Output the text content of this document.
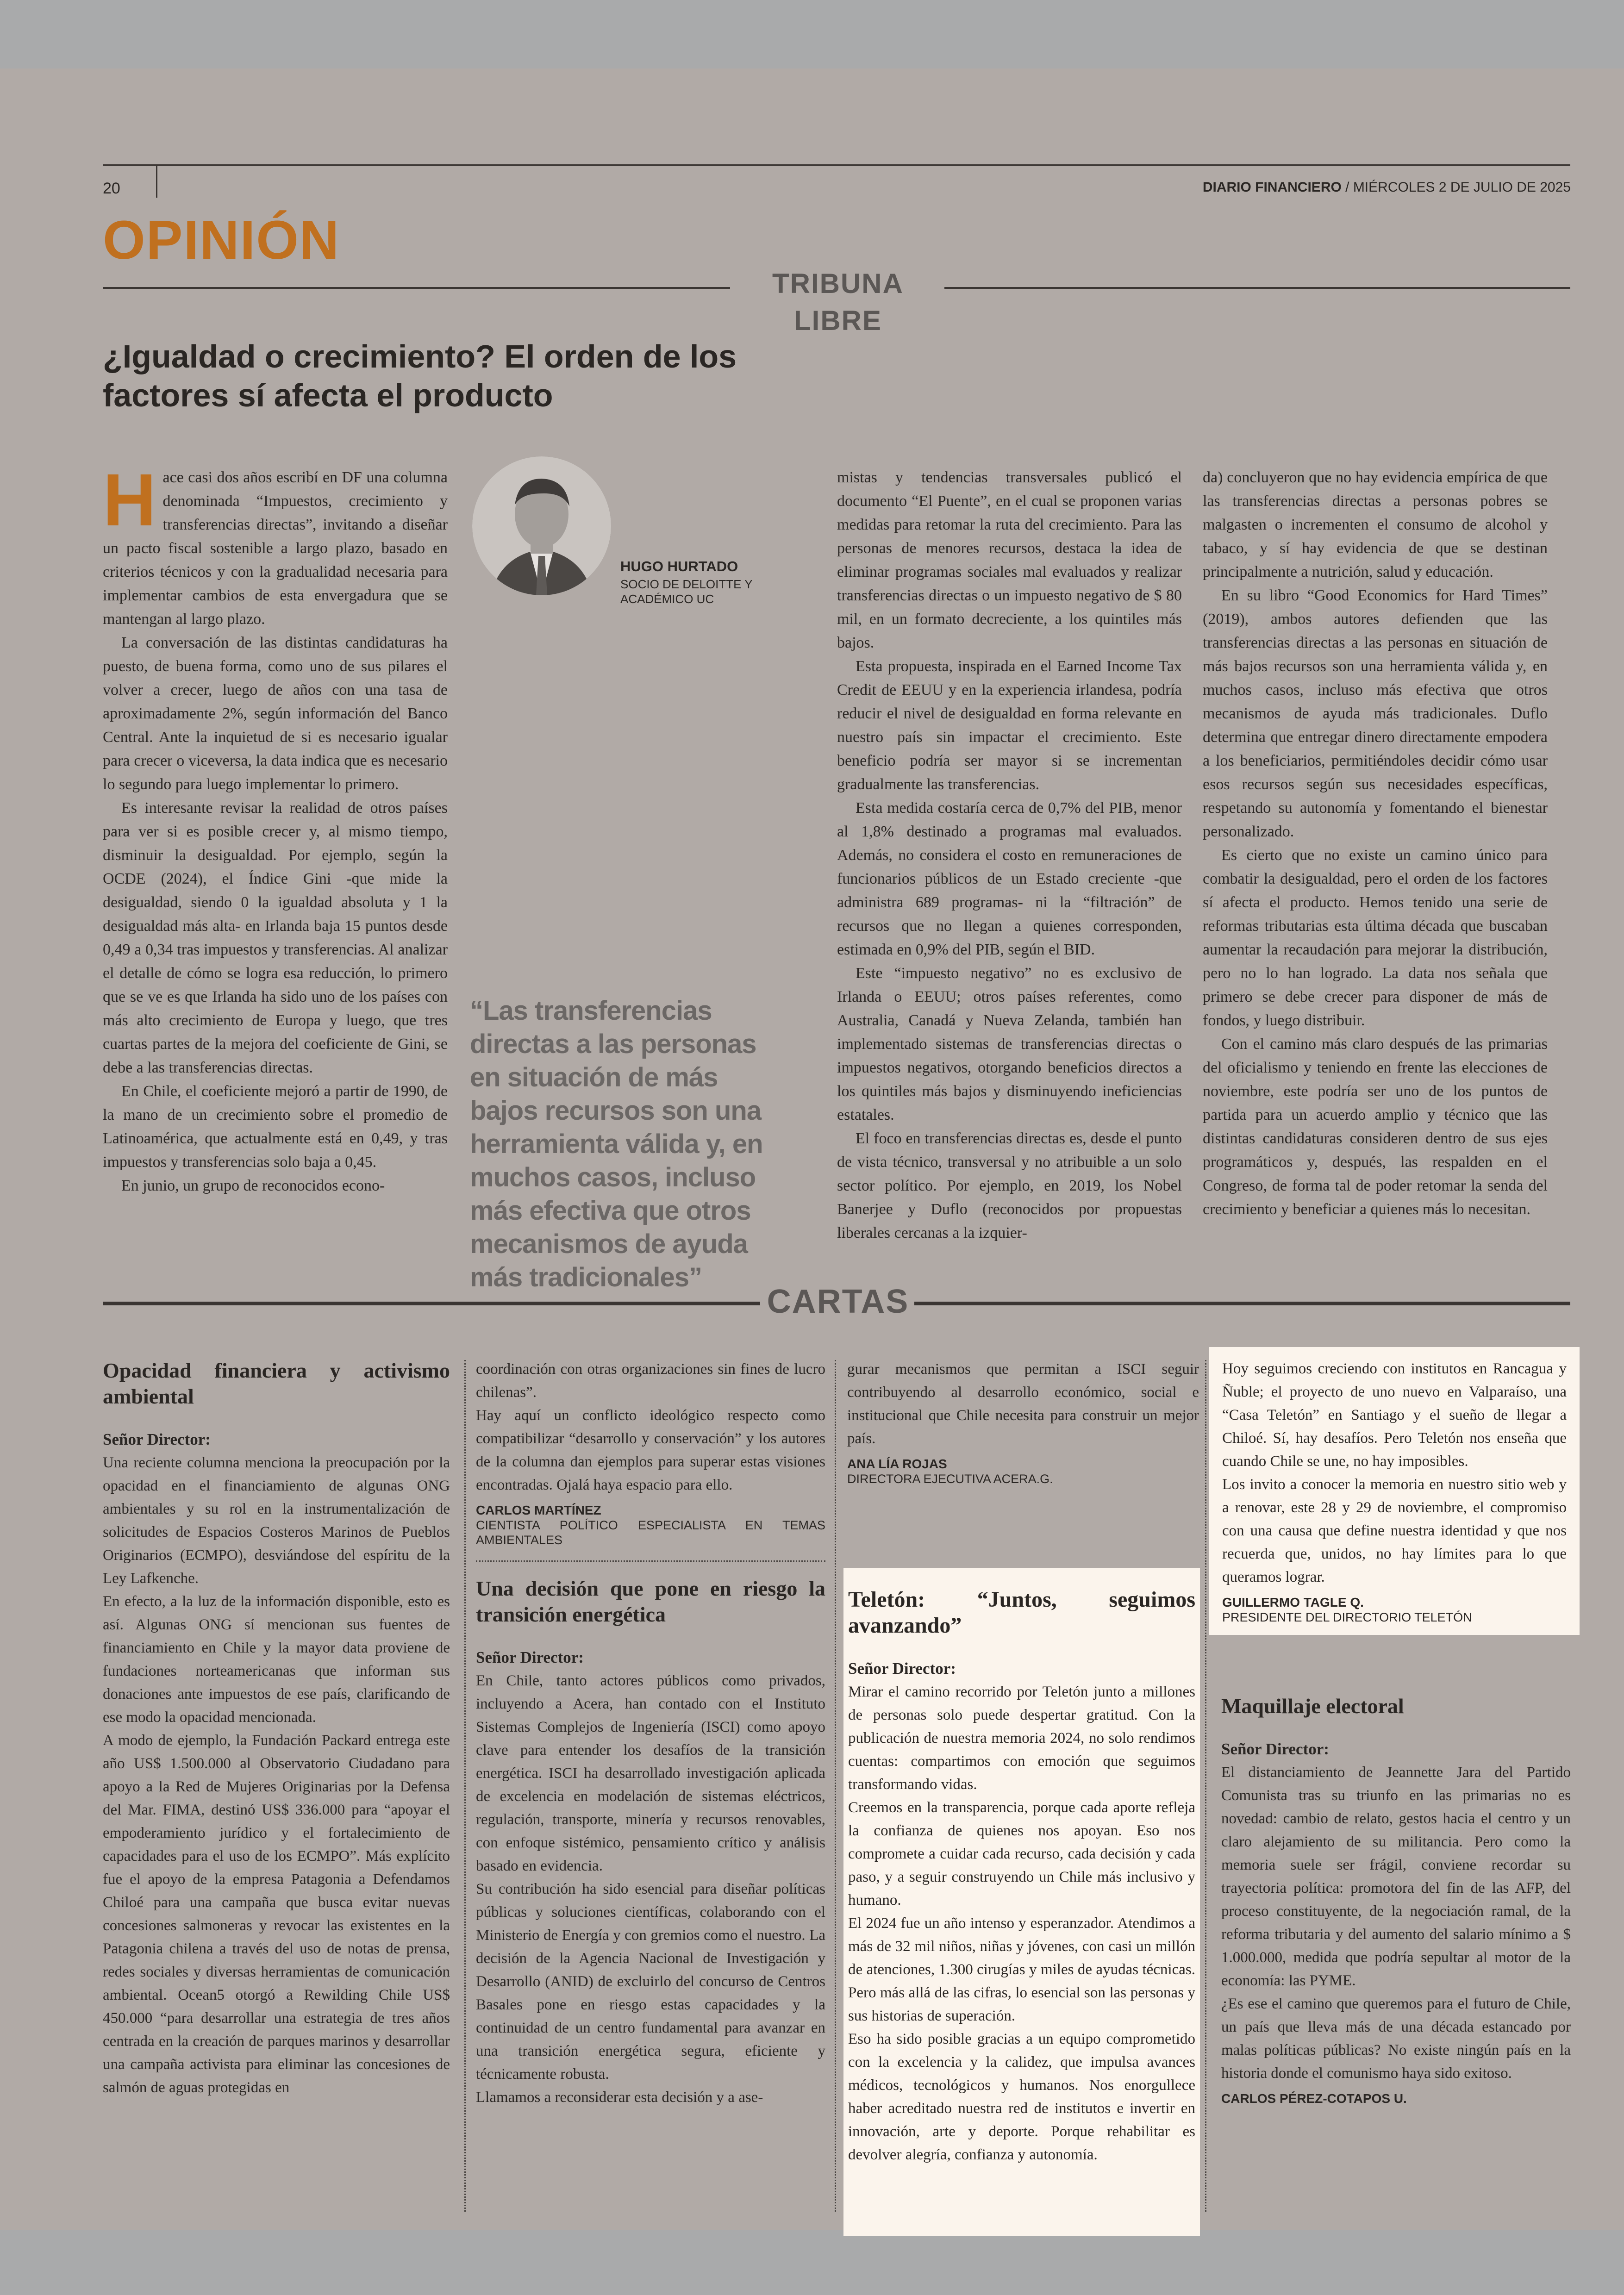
20	DIARIO FINANCIERO / MIÉRCOLES 2 DE JULIO DE 2025
OPINIÓN
TRIBUNA LIBRE
¿Igualdad o crecimiento? El orden de los factores sí afecta el producto

Hace casi dos años escribí en DF una columna denominada “Impuestos, crecimiento y transferencias directas”, invitando a diseñar un pacto fiscal sostenible a largo plazo, basado en criterios técnicos y con la gradualidad necesaria para implementar cambios de esta envergadura que se mantengan al largo plazo.

La conversación de las distintas candidaturas ha puesto, de buena forma, como uno de sus pilares el volver a crecer, luego de años con una tasa de aproximadamente 2%, según información del Banco Central. Ante la inquietud de si es necesario igualar para crecer o viceversa, la data indica que es necesario lo segundo para luego implementar lo primero.

Es interesante revisar la realidad de otros países para ver si es posible crecer y, al mismo tiempo, disminuir la desigualdad. Por ejemplo, según la OCDE (2024), el Índice Gini -que mide la desigualdad, siendo 0 la igualdad absoluta y 1 la desigualdad más alta- en Irlanda baja 15 puntos desde 0,49 a 0,34 tras impuestos y transferencias. Al analizar el detalle de cómo se logra esa reducción, lo primero que se ve es que Irlanda ha sido uno de los países con más alto crecimiento de Europa y luego, que tres cuartas partes de la mejora del coeficiente de Gini, se debe a las transferencias directas.

En Chile, el coeficiente mejoró a partir de 1990, de la mano de un crecimiento sobre el promedio de Latinoamérica, que actualmente está en 0,49, y tras impuestos y transferencias solo baja a 0,45.

En junio, un grupo de reconocidos econo-

HUGO HURTADO
SOCIO DE DELOITTE Y ACADÉMICO UC
“Las transferencias directas a las personas en situación de más bajos recursos son una herramienta válida y, en muchos casos, incluso más efectiva que otros mecanismos de ayuda más tradicionales”

mistas y tendencias transversales publicó el documento “El Puente”, en el cual se proponen varias medidas para retomar la ruta del crecimiento. Para las personas de menores recursos, destaca la idea de eliminar programas sociales mal evaluados y realizar transferencias directas o un impuesto negativo de $ 80 mil, en un formato decreciente, a los quintiles más bajos.

Esta propuesta, inspirada en el Earned Income Tax Credit de EEUU y en la experiencia irlandesa, podría reducir el nivel de desigualdad en forma relevante en nuestro país sin impactar el crecimiento. Este beneficio podría ser mayor si se incrementan gradualmente las transferencias.

Esta medida costaría cerca de 0,7% del PIB, menor al 1,8% destinado a programas mal evaluados. Además, no considera el costo en remuneraciones de funcionarios públicos de un Estado creciente -que administra 689 programas- ni la “filtración” de recursos que no llegan a quienes corresponden, estimada en 0,9% del PIB, según el BID.

Este “impuesto negativo” no es exclusivo de Irlanda o EEUU; otros países referentes, como Australia, Canadá y Nueva Zelanda, también han implementado sistemas de transferencias directas o impuestos negativos, otorgando beneficios directos a los quintiles más bajos y disminuyendo ineficiencias estatales.

El foco en transferencias directas es, desde el punto de vista técnico, transversal y no atribuible a un solo sector político. Por ejemplo, en 2019, los Nobel Banerjee y Duflo (reconocidos por propuestas liberales cercanas a la izquier-

da) concluyeron que no hay evidencia empírica de que las transferencias directas a personas pobres se malgasten o incrementen el consumo de alcohol y tabaco, y sí hay evidencia de que se destinan principalmente a nutrición, salud y educación.

En su libro “Good Economics for Hard Times” (2019), ambos autores defienden que las transferencias directas a las personas en situación de más bajos recursos son una herramienta válida y, en muchos casos, incluso más efectiva que otros mecanismos de ayuda más tradicionales. Duflo determina que entregar dinero directamente empodera a los beneficiarios, permitiéndoles decidir cómo usar esos recursos según sus necesidades específicas, respetando su autonomía y fomentando el bienestar personalizado.

Es cierto que no existe un camino único para combatir la desigualdad, pero el orden de los factores sí afecta el producto. Hemos tenido una serie de reformas tributarias esta última década que buscaban aumentar la recaudación para mejorar la distribución, pero no lo han logrado. La data nos señala que primero se debe crecer para disponer de más de fondos, y luego distribuir.

Con el camino más claro después de las primarias del oficialismo y teniendo en frente las elecciones de noviembre, este podría ser uno de los puntos de partida para un acuerdo amplio y técnico que las distintas candidaturas consideren dentro de sus ejes programáticos y, después, las respalden en el Congreso, de forma tal de poder retomar la senda del crecimiento y beneficiar a quienes más lo necesitan.

CARTAS
Opacidad financiera y activismo ambiental

Señor Director:

Una reciente columna menciona la preocupación por la opacidad en el financiamiento de algunas ONG ambientales y su rol en la instrumentalización de solicitudes de Espacios Costeros Marinos de Pueblos Originarios (ECMPO), desviándose del espíritu de la Ley Lafkenche.

En efecto, a la luz de la información disponible, esto es así. Algunas ONG sí mencionan sus fuentes de financiamiento en Chile y la mayor data proviene de fundaciones norteamericanas que informan sus donaciones ante impuestos de ese país, clarificando de ese modo la opacidad mencionada.

A modo de ejemplo, la Fundación Packard entrega este año US$ 1.500.000 al Observatorio Ciudadano para apoyo a la Red de Mujeres Originarias por la Defensa del Mar. FIMA, destinó US$ 336.000 para “apoyar el empoderamiento jurídico y el fortalecimiento de capacidades para el uso de los ECMPO”. Más explícito fue el apoyo de la empresa Patagonia a Defendamos Chiloé para una campaña que busca evitar nuevas concesiones salmoneras y revocar las existentes en la Patagonia chilena a través del uso de notas de prensa, redes sociales y diversas herramientas de comunicación ambiental. Ocean5 otorgó a Rewilding Chile US$ 450.000 “para desarrollar una estrategia de tres años centrada en la creación de parques marinos y desarrollar una campaña activista para eliminar las concesiones de salmón de aguas protegidas en

coordinación con otras organizaciones sin fines de lucro chilenas”.

Hay aquí un conflicto ideológico respecto como compatibilizar “desarrollo y conservación” y los autores de la columna dan ejemplos para superar estas visiones encontradas. Ojalá haya espacio para ello.

CARLOS MARTÍNEZ
CIENTISTA POLÍTICO ESPECIALISTA EN TEMAS AMBIENTALES
Una decisión que pone en riesgo la transición energética

Señor Director:

En Chile, tanto actores públicos como privados, incluyendo a Acera, han contado con el Instituto Sistemas Complejos de Ingeniería (ISCI) como apoyo clave para entender los desafíos de la transición energética. ISCI ha desarrollado investigación aplicada de excelencia en modelación de sistemas eléctricos, regulación, transporte, minería y recursos renovables, con enfoque sistémico, pensamiento crítico y análisis basado en evidencia.

Su contribución ha sido esencial para diseñar políticas públicas y soluciones científicas, colaborando con el Ministerio de Energía y con gremios como el nuestro. La decisión de la Agencia Nacional de Investigación y Desarrollo (ANID) de excluirlo del concurso de Centros Basales pone en riesgo estas capacidades y la continuidad de un centro fundamental para avanzar en una transición energética segura, eficiente y técnicamente robusta.

Llamamos a reconsiderar esta decisión y a ase-

gurar mecanismos que permitan a ISCI seguir contribuyendo al desarrollo económico, social e institucional que Chile necesita para construir un mejor país.

ANA LÍA ROJAS
DIRECTORA EJECUTIVA ACERA.G.
Teletón: “Juntos, seguimos avanzando”

Señor Director:

Mirar el camino recorrido por Teletón junto a millones de personas solo puede despertar gratitud. Con la publicación de nuestra memoria 2024, no solo rendimos cuentas: compartimos con emoción que seguimos transformando vidas.

Creemos en la transparencia, porque cada aporte refleja la confianza de quienes nos apoyan. Eso nos compromete a cuidar cada recurso, cada decisión y cada paso, y a seguir construyendo un Chile más inclusivo y humano.

El 2024 fue un año intenso y esperanzador. Atendimos a más de 32 mil niños, niñas y jóvenes, con casi un millón de atenciones, 1.300 cirugías y miles de ayudas técnicas. Pero más allá de las cifras, lo esencial son las personas y sus historias de superación.

Eso ha sido posible gracias a un equipo comprometido con la excelencia y la calidez, que impulsa avances médicos, tecnológicos y humanos. Nos enorgullece haber acreditado nuestra red de institutos e invertir en innovación, arte y deporte. Porque rehabilitar es devolver alegría, confianza y autonomía.

Hoy seguimos creciendo con institutos en Rancagua y Ñuble; el proyecto de uno nuevo en Valparaíso, una “Casa Teletón” en Santiago y el sueño de llegar a Chiloé. Sí, hay desafíos. Pero Teletón nos enseña que cuando Chile se une, no hay imposibles.

Los invito a conocer la memoria en nuestro sitio web y a renovar, este 28 y 29 de noviembre, el compromiso con una causa que define nuestra identidad y que nos recuerda que, unidos, no hay límites para lo que queramos lograr.

GUILLERMO TAGLE Q.
PRESIDENTE DEL DIRECTORIO TELETÓN
Maquillaje electoral

Señor Director:

El distanciamiento de Jeannette Jara del Partido Comunista tras su triunfo en las primarias no es novedad: cambio de relato, gestos hacia el centro y un claro alejamiento de su militancia. Pero como la memoria suele ser frágil, conviene recordar su trayectoria política: promotora del fin de las AFP, del proceso constituyente, de la negociación ramal, de la reforma tributaria y del aumento del salario mínimo a $ 1.000.000, medida que podría sepultar al motor de la economía: las PYME.

¿Es ese el camino que queremos para el futuro de Chile, un país que lleva más de una década estancado por malas políticas públicas? No existe ningún país en la historia donde el comunismo haya sido exitoso.

CARLOS PÉREZ-COTAPOS U.
